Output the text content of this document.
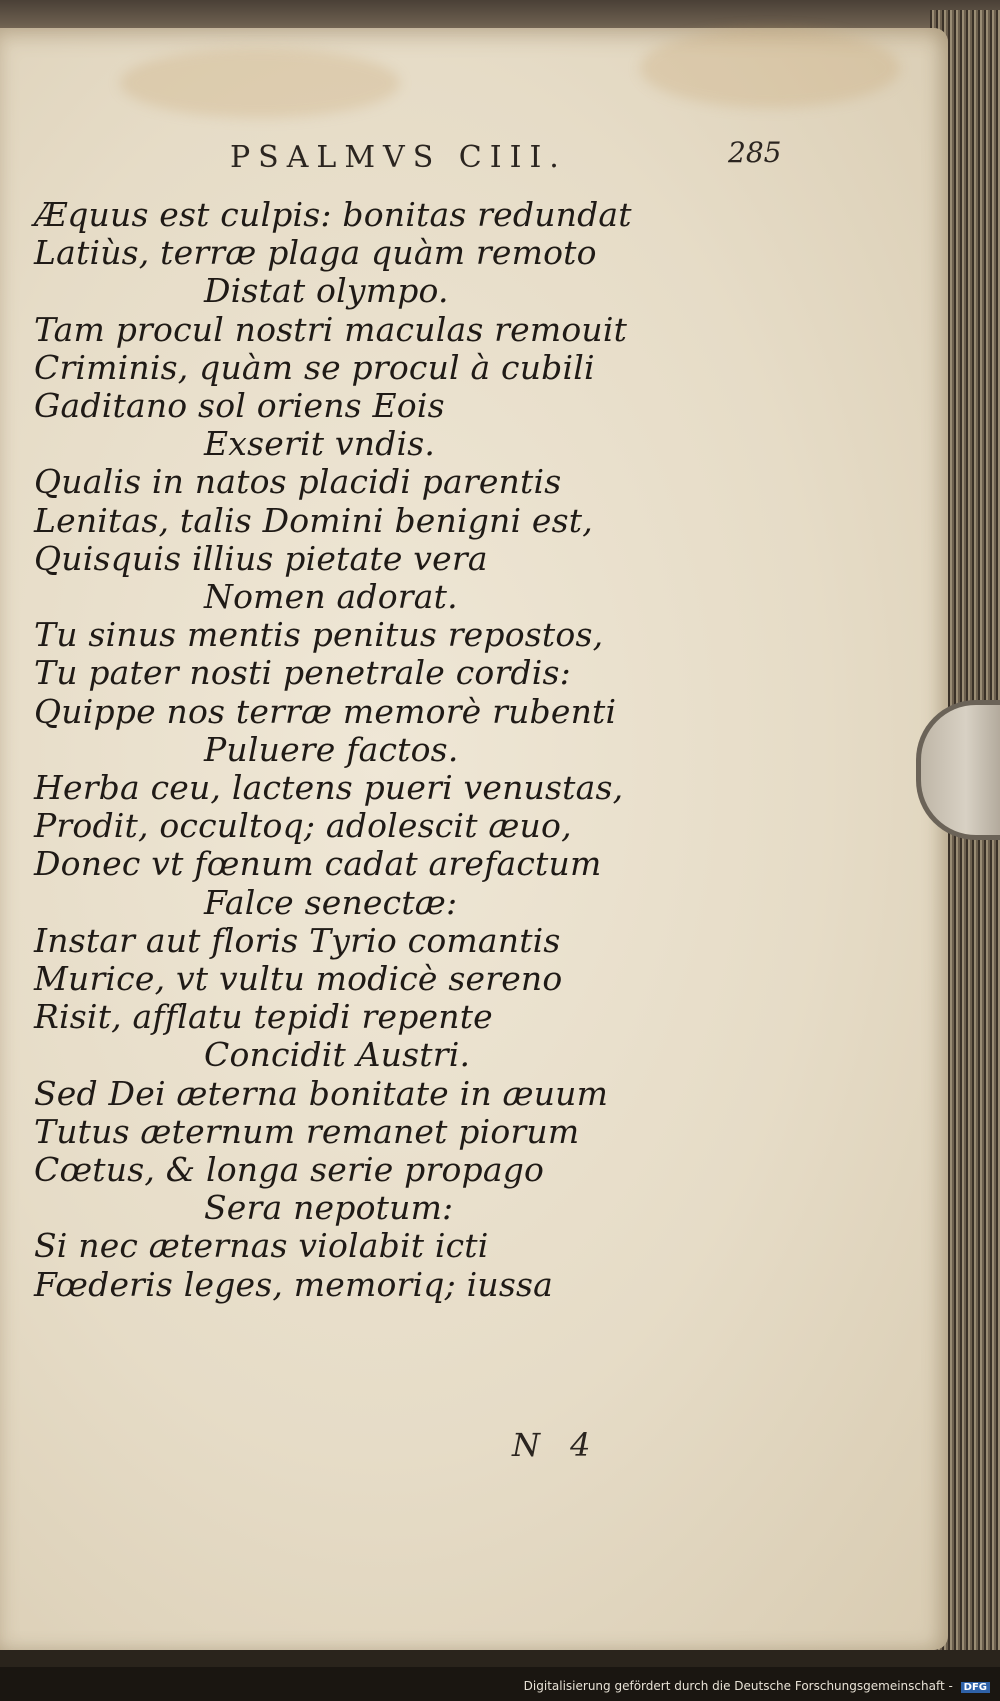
PSALMVS CIII.	285
Æquus est culpis: bonitas redundat
Latiùs, terræ plaga quàm remoto
Distat olympo.
Tam procul nostri maculas remouit
Criminis, quàm se procul à cubili
Gaditano sol oriens Eois
Exserit vndis.
Qualis in natos placidi parentis
Lenitas, talis Domini benigni est,
Quisquis illius pietate vera
Nomen adorat.
Tu sinus mentis penitus repostos,
Tu pater nosti penetrale cordis:
Quippe nos terræ memorè rubenti
Puluere factos.
Herba ceu, lactens pueri venustas,
Prodit, occultoq; adolescit æuo,
Donec vt fœnum cadat arefactum
Falce senectæ:
Instar aut floris Tyrio comantis
Murice, vt vultu modicè sereno
Risit, afflatu tepidi repente
Concidit Austri.
Sed Dei æterna bonitate in æuum
Tutus æternum remanet piorum
Cœtus, & longa serie propago
Sera nepotum:
Si nec æternas violabit icti
Fœderis leges, memoriq; iussa
N 4
Digitalisierung gefördert durch die Deutsche Forschungsgemeinschaft - DFG
